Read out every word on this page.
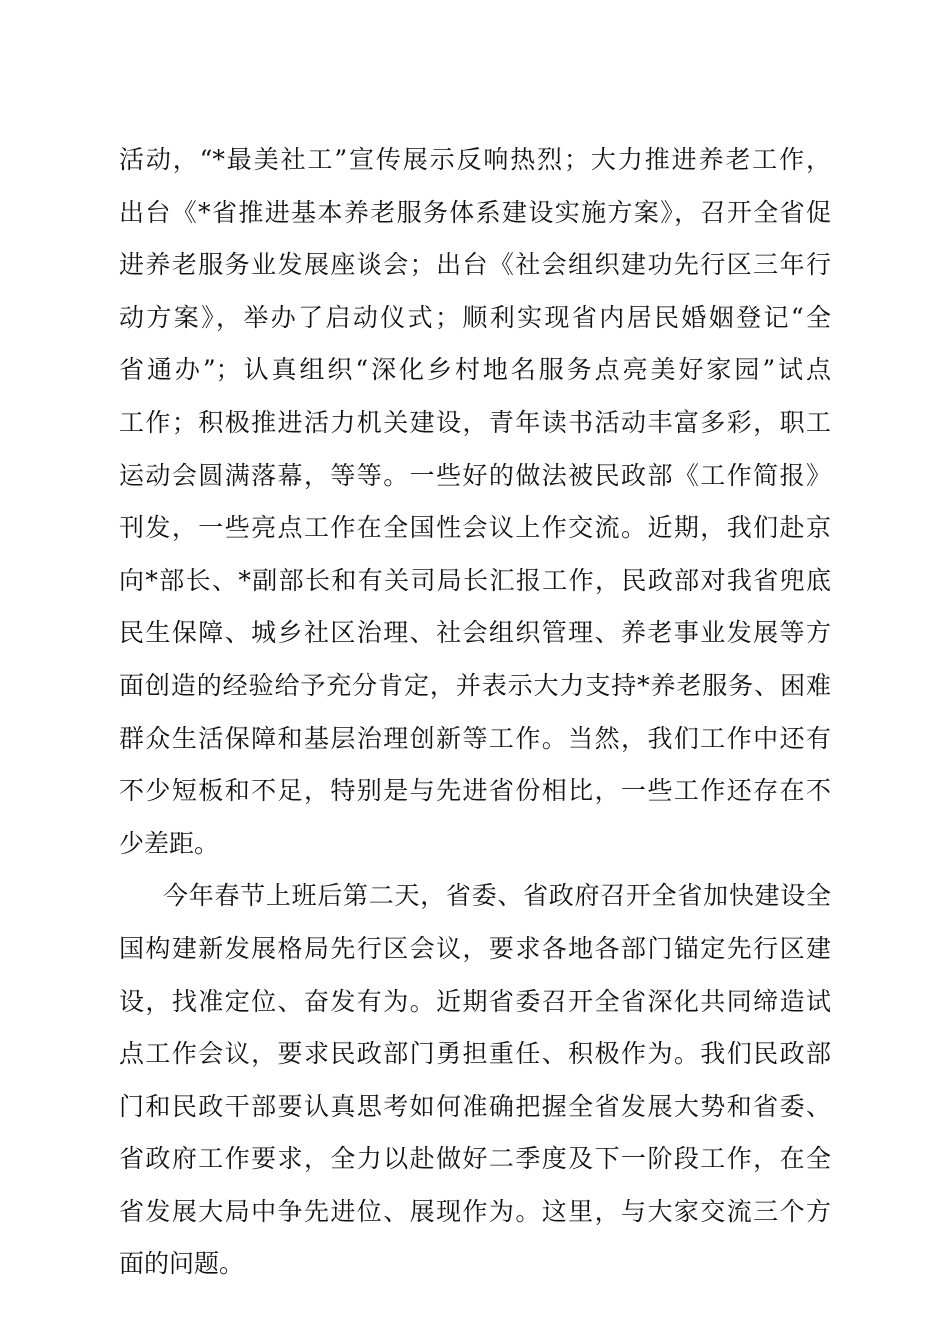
活动，“*最美社工”宣传展示反响热烈；大力推进养老工作，
出台《*省推进基本养老服务体系建设实施方案》，召开全省促
进养老服务业发展座谈会；出台《社会组织建功先行区三年行
动方案》，举办了启动仪式；顺利实现省内居民婚姻登记“全
省通办”；认真组织“深化乡村地名服务点亮美好家园”试点
工作；积极推进活力机关建设，青年读书活动丰富多彩，职工
运动会圆满落幕，等等。一些好的做法被民政部《工作简报》
刊发，一些亮点工作在全国性会议上作交流。近期，我们赴京
向*部长、*副部长和有关司局长汇报工作，民政部对我省兜底
民生保障、城乡社区治理、社会组织管理、养老事业发展等方
面创造的经验给予充分肯定，并表示大力支持*养老服务、困难
群众生活保障和基层治理创新等工作。当然，我们工作中还有
不少短板和不足，特别是与先进省份相比，一些工作还存在不
少差距。
今年春节上班后第二天，省委、省政府召开全省加快建设全
国构建新发展格局先行区会议，要求各地各部门锚定先行区建
设，找准定位、奋发有为。近期省委召开全省深化共同缔造试
点工作会议，要求民政部门勇担重任、积极作为。我们民政部
门和民政干部要认真思考如何准确把握全省发展大势和省委、
省政府工作要求，全力以赴做好二季度及下一阶段工作，在全
省发展大局中争先进位、展现作为。这里，与大家交流三个方
面的问题。
